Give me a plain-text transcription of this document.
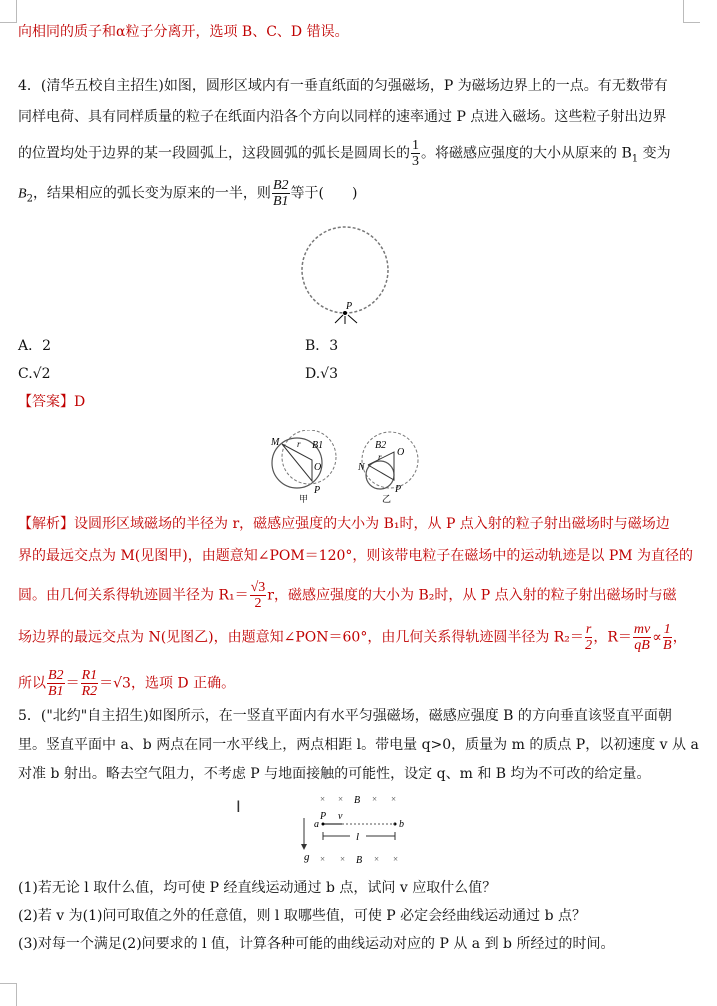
向相同的质子和α粒子分离开，选项 B、C、D 错误。
4．(清华五校自主招生)如图，圆形区域内有一垂直纸面的匀强磁场，P 为磁场边界上的一点。有无数带有
同样电荷、具有同样质量的粒子在纸面内沿各个方向以同样的速率通过 P 点进入磁场。这些粒子射出边界
的位置均处于边界的某一段圆弧上，这段圆弧的弧长是圆周长的 $\frac{1}{3}$ 。将磁感应强度的大小从原来的 $B_1$ 变为
$B_2$，结果相应的弧长变为原来的一半，则 $\frac{B2}{B1}$ 等于(　　)
P
A．2	B．3
C.√2	D.√3
【答案】D
M r B1
O
P
甲
B2
r O
N
P
乙
【解析】设圆形区域磁场的半径为 r，磁感应强度的大小为 B₁时，从 P 点入射的粒子射出磁场时与磁场边
界的最远交点为 M(见图甲)，由题意知∠POM＝120°，则该带电粒子在磁场中的运动轨迹是以 PM 为直径的
圆。由几何关系得轨迹圆半径为 $R_1= \frac{√3}{2}$ r，磁感应强度的大小为 B₂时，从 P 点入射的粒子射出磁场时与磁
场边界的最远交点为 N(见图乙)，由题意知∠PON＝60°，由几何关系得轨迹圆半径为 $R_2= \frac{r}{2}$ ，$R= \frac{mv}{qB} \propto \frac{1}{B}$ ，
所以 $\frac{B2}{B1} = \frac{R1}{R2} =√3$，选项 D 正确。
5．("北约"自主招生)如图所示，在一竖直平面内有水平匀强磁场，磁感应强度 B 的方向垂直该竖直平面朝
里。竖直平面中 a、b 两点在同一水平线上，两点相距 l。带电量 q>0，质量为 m 的质点 P，以初速度 v 从 a
对准 b 射出。略去空气阻力，不考虑 P 与地面接触的可能性，设定 q、m 和 B 均为不可改的给定量。
I	× ×	× ×
× ×	× ×
B
B
P v
a	b
l
g
(1)若无论 l 取什么值，均可使 P 经直线运动通过 b 点，试问 v 应取什么值？
(2)若 v 为(1)问可取值之外的任意值，则 l 取哪些值，可使 P 必定会经曲线运动通过 b 点？
(3)对每一个满足(2)问要求的 l 值，计算各种可能的曲线运动对应的 P 从 a 到 b 所经过的时间。
